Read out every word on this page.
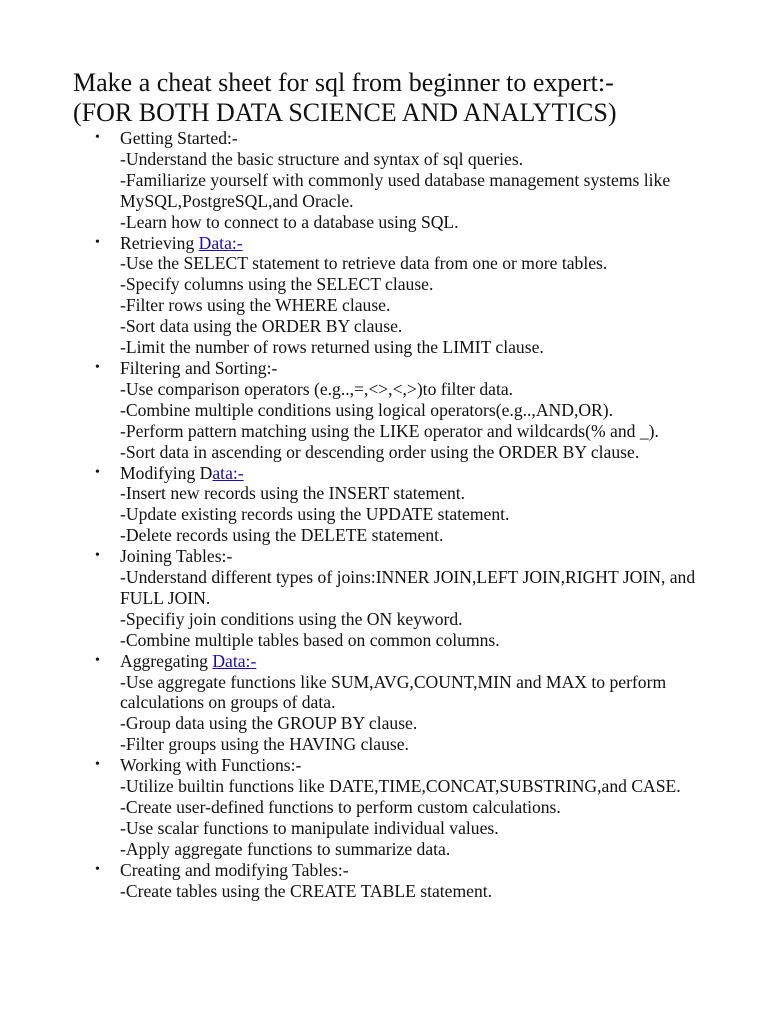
Make a cheat sheet for sql from beginner to expert:-
(FOR BOTH DATA SCIENCE AND ANALYTICS)
• Getting Started:-
-Understand the basic structure and syntax of sql queries.
-Familiarize yourself with commonly used database management systems like MySQL,PostgreSQL,and Oracle.
-Learn how to connect to a database using SQL.
• Retrieving Data:-
-Use the SELECT statement to retrieve data from one or more tables.
-Specify columns using the SELECT clause.
-Filter rows using the WHERE clause.
-Sort data using the ORDER BY clause.
-Limit the number of rows returned using the LIMIT clause.
• Filtering and Sorting:-
-Use comparison operators (e.g..,=,<>,<,>)to filter data.
-Combine multiple conditions using logical operators(e.g..,AND,OR).
-Perform pattern matching using the LIKE operator and wildcards(% and _).
-Sort data in ascending or descending order using the ORDER BY clause.
• Modifying Data:-
-Insert new records using the INSERT statement.
-Update existing records using the UPDATE statement.
-Delete records using the DELETE statement.
• Joining Tables:-
-Understand different types of joins:INNER JOIN,LEFT JOIN,RIGHT JOIN, and FULL JOIN.
-Specifiy join conditions using the ON keyword.
-Combine multiple tables based on common columns.
• Aggregating Data:-
-Use aggregate functions like SUM,AVG,COUNT,MIN and MAX to perform calculations on groups of data.
-Group data using the GROUP BY clause.
-Filter groups using the HAVING clause.
• Working with Functions:-
-Utilize builtin functions like DATE,TIME,CONCAT,SUBSTRING,and CASE.
-Create user-defined functions to perform custom calculations.
-Use scalar functions to manipulate individual values.
-Apply aggregate functions to summarize data.
• Creating and modifying Tables:-
-Create tables using the CREATE TABLE statement.
